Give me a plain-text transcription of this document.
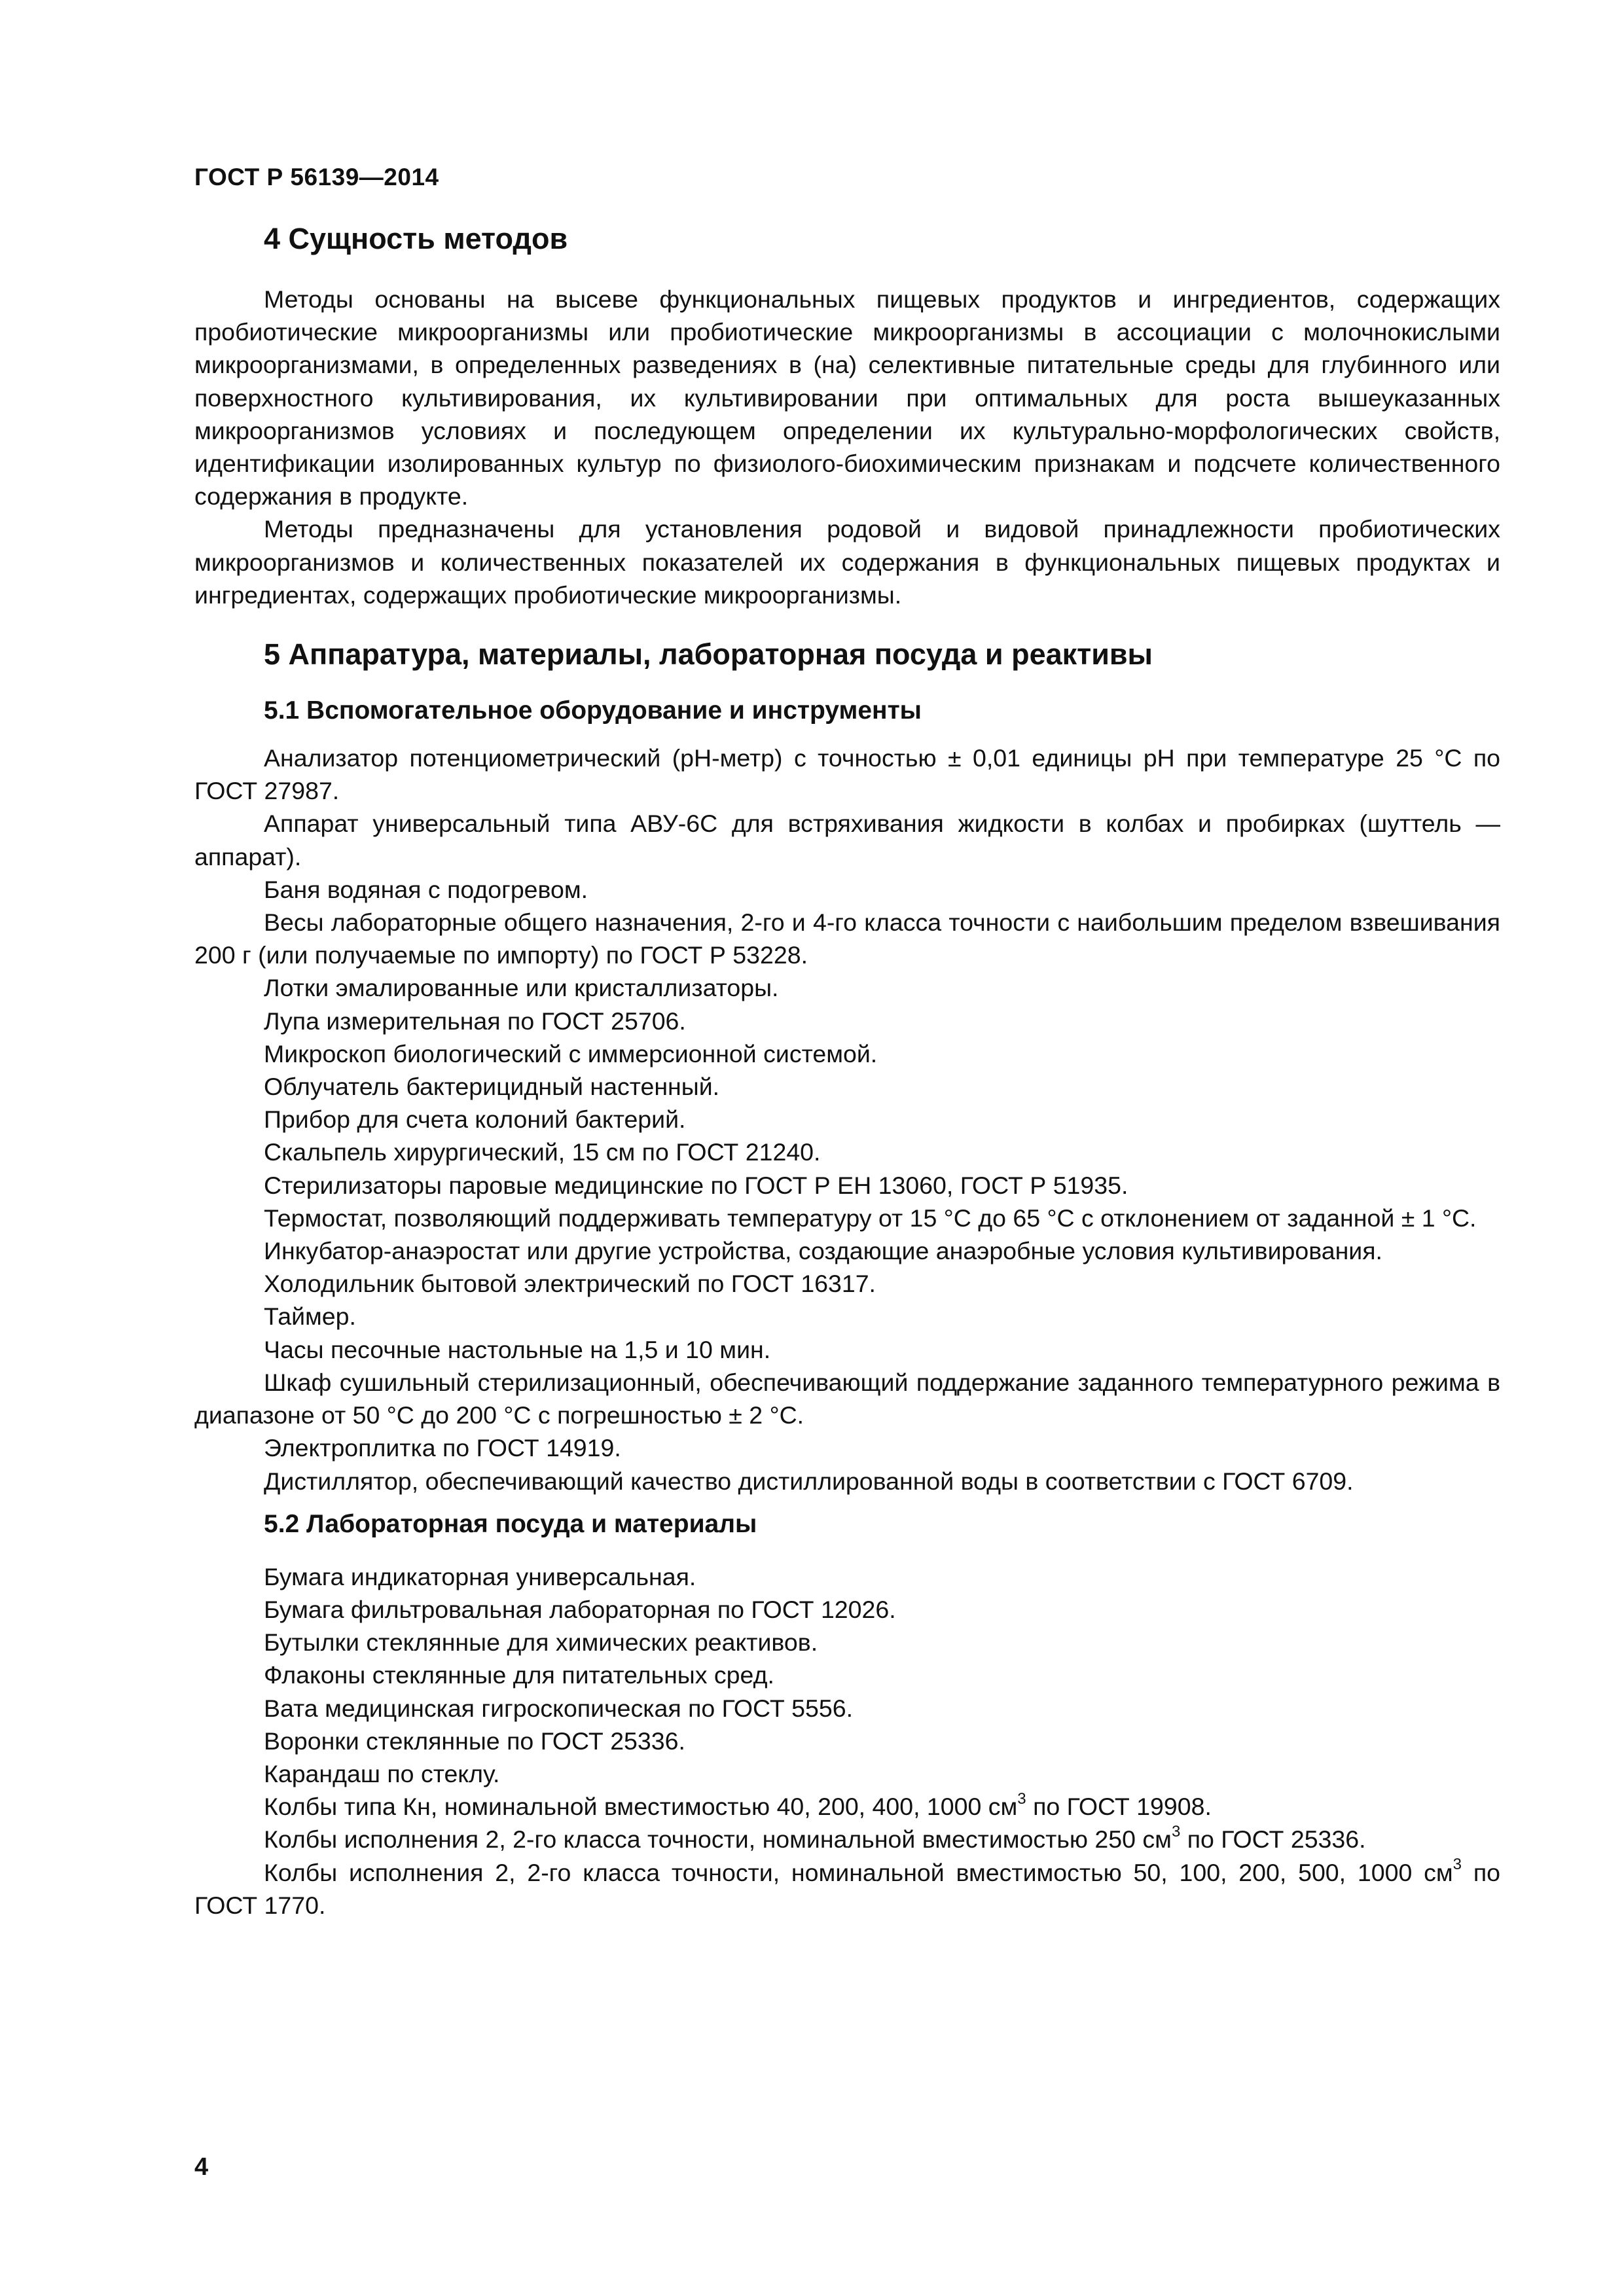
ГОСТ Р 56139—2014
4 Сущность методов

Методы основаны на высеве функциональных пищевых продуктов и ингредиентов, содержащих пробиотические микроорганизмы или пробиотические микроорганизмы в ассоциации с молочнокислыми микроорганизмами, в определенных разведениях в (на) селективные питательные среды для глубинного или поверхностного культивирования, их культивировании при оптимальных для роста вышеуказанных микроорганизмов условиях и последующем определении их культурально-морфологических свойств, идентификации изолированных культур по физиолого-биохимическим признакам и подсчете количественного содержания в продукте.

Методы предназначены для установления родовой и видовой принадлежности пробиотических микроорганизмов и количественных показателей их содержания в функциональных пищевых продуктах и ингредиентах, содержащих пробиотические микроорганизмы.

5 Аппаратура, материалы, лабораторная посуда и реактивы
5.1 Вспомогательное оборудование и инструменты

Анализатор потенциометрический (рН-метр) с точностью ± 0,01 единицы рН при температуре 25 °С по ГОСТ 27987.

Аппарат универсальный типа АВУ-6С для встряхивания жидкости в колбах и пробирках (шуттель — аппарат).

Баня водяная с подогревом.

Весы лабораторные общего назначения, 2-го и 4-го класса точности с наибольшим пределом взвешивания 200 г (или получаемые по импорту) по ГОСТ Р 53228.

Лотки эмалированные или кристаллизаторы.

Лупа измерительная по ГОСТ 25706.

Микроскоп биологический с иммерсионной системой.

Облучатель бактерицидный настенный.

Прибор для счета колоний бактерий.

Скальпель хирургический, 15 см по ГОСТ 21240.

Стерилизаторы паровые медицинские по ГОСТ Р ЕН 13060, ГОСТ Р 51935.

Термостат, позволяющий поддерживать температуру от 15 °С до 65 °С с отклонением от заданной ± 1 °С.

Инкубатор-анаэростат или другие устройства, создающие анаэробные условия культивирования.

Холодильник бытовой электрический по ГОСТ 16317.

Таймер.

Часы песочные настольные на 1,5 и 10 мин.

Шкаф сушильный стерилизационный, обеспечивающий поддержание заданного температурного режима в диапазоне от 50 °С до 200 °С с погрешностью ± 2 °С.

Электроплитка по ГОСТ 14919.

Дистиллятор, обеспечивающий качество дистиллированной воды в соответствии с ГОСТ 6709.

5.2 Лабораторная посуда и материалы

Бумага индикаторная универсальная.

Бумага фильтровальная лабораторная по ГОСТ 12026.

Бутылки стеклянные для химических реактивов.

Флаконы стеклянные для питательных сред.

Вата медицинская гигроскопическая по ГОСТ 5556.

Воронки стеклянные по ГОСТ 25336.

Карандаш по стеклу.

Колбы типа Кн, номинальной вместимостью 40, 200, 400, 1000 $см^3$ по ГОСТ 19908.

Колбы исполнения 2, 2-го класса точности, номинальной вместимостью 250 $см^3$ по ГОСТ 25336.

Колбы исполнения 2, 2-го класса точности, номинальной вместимостью 50, 100, 200, 500, 1000 $см^3$ по ГОСТ 1770.

4
